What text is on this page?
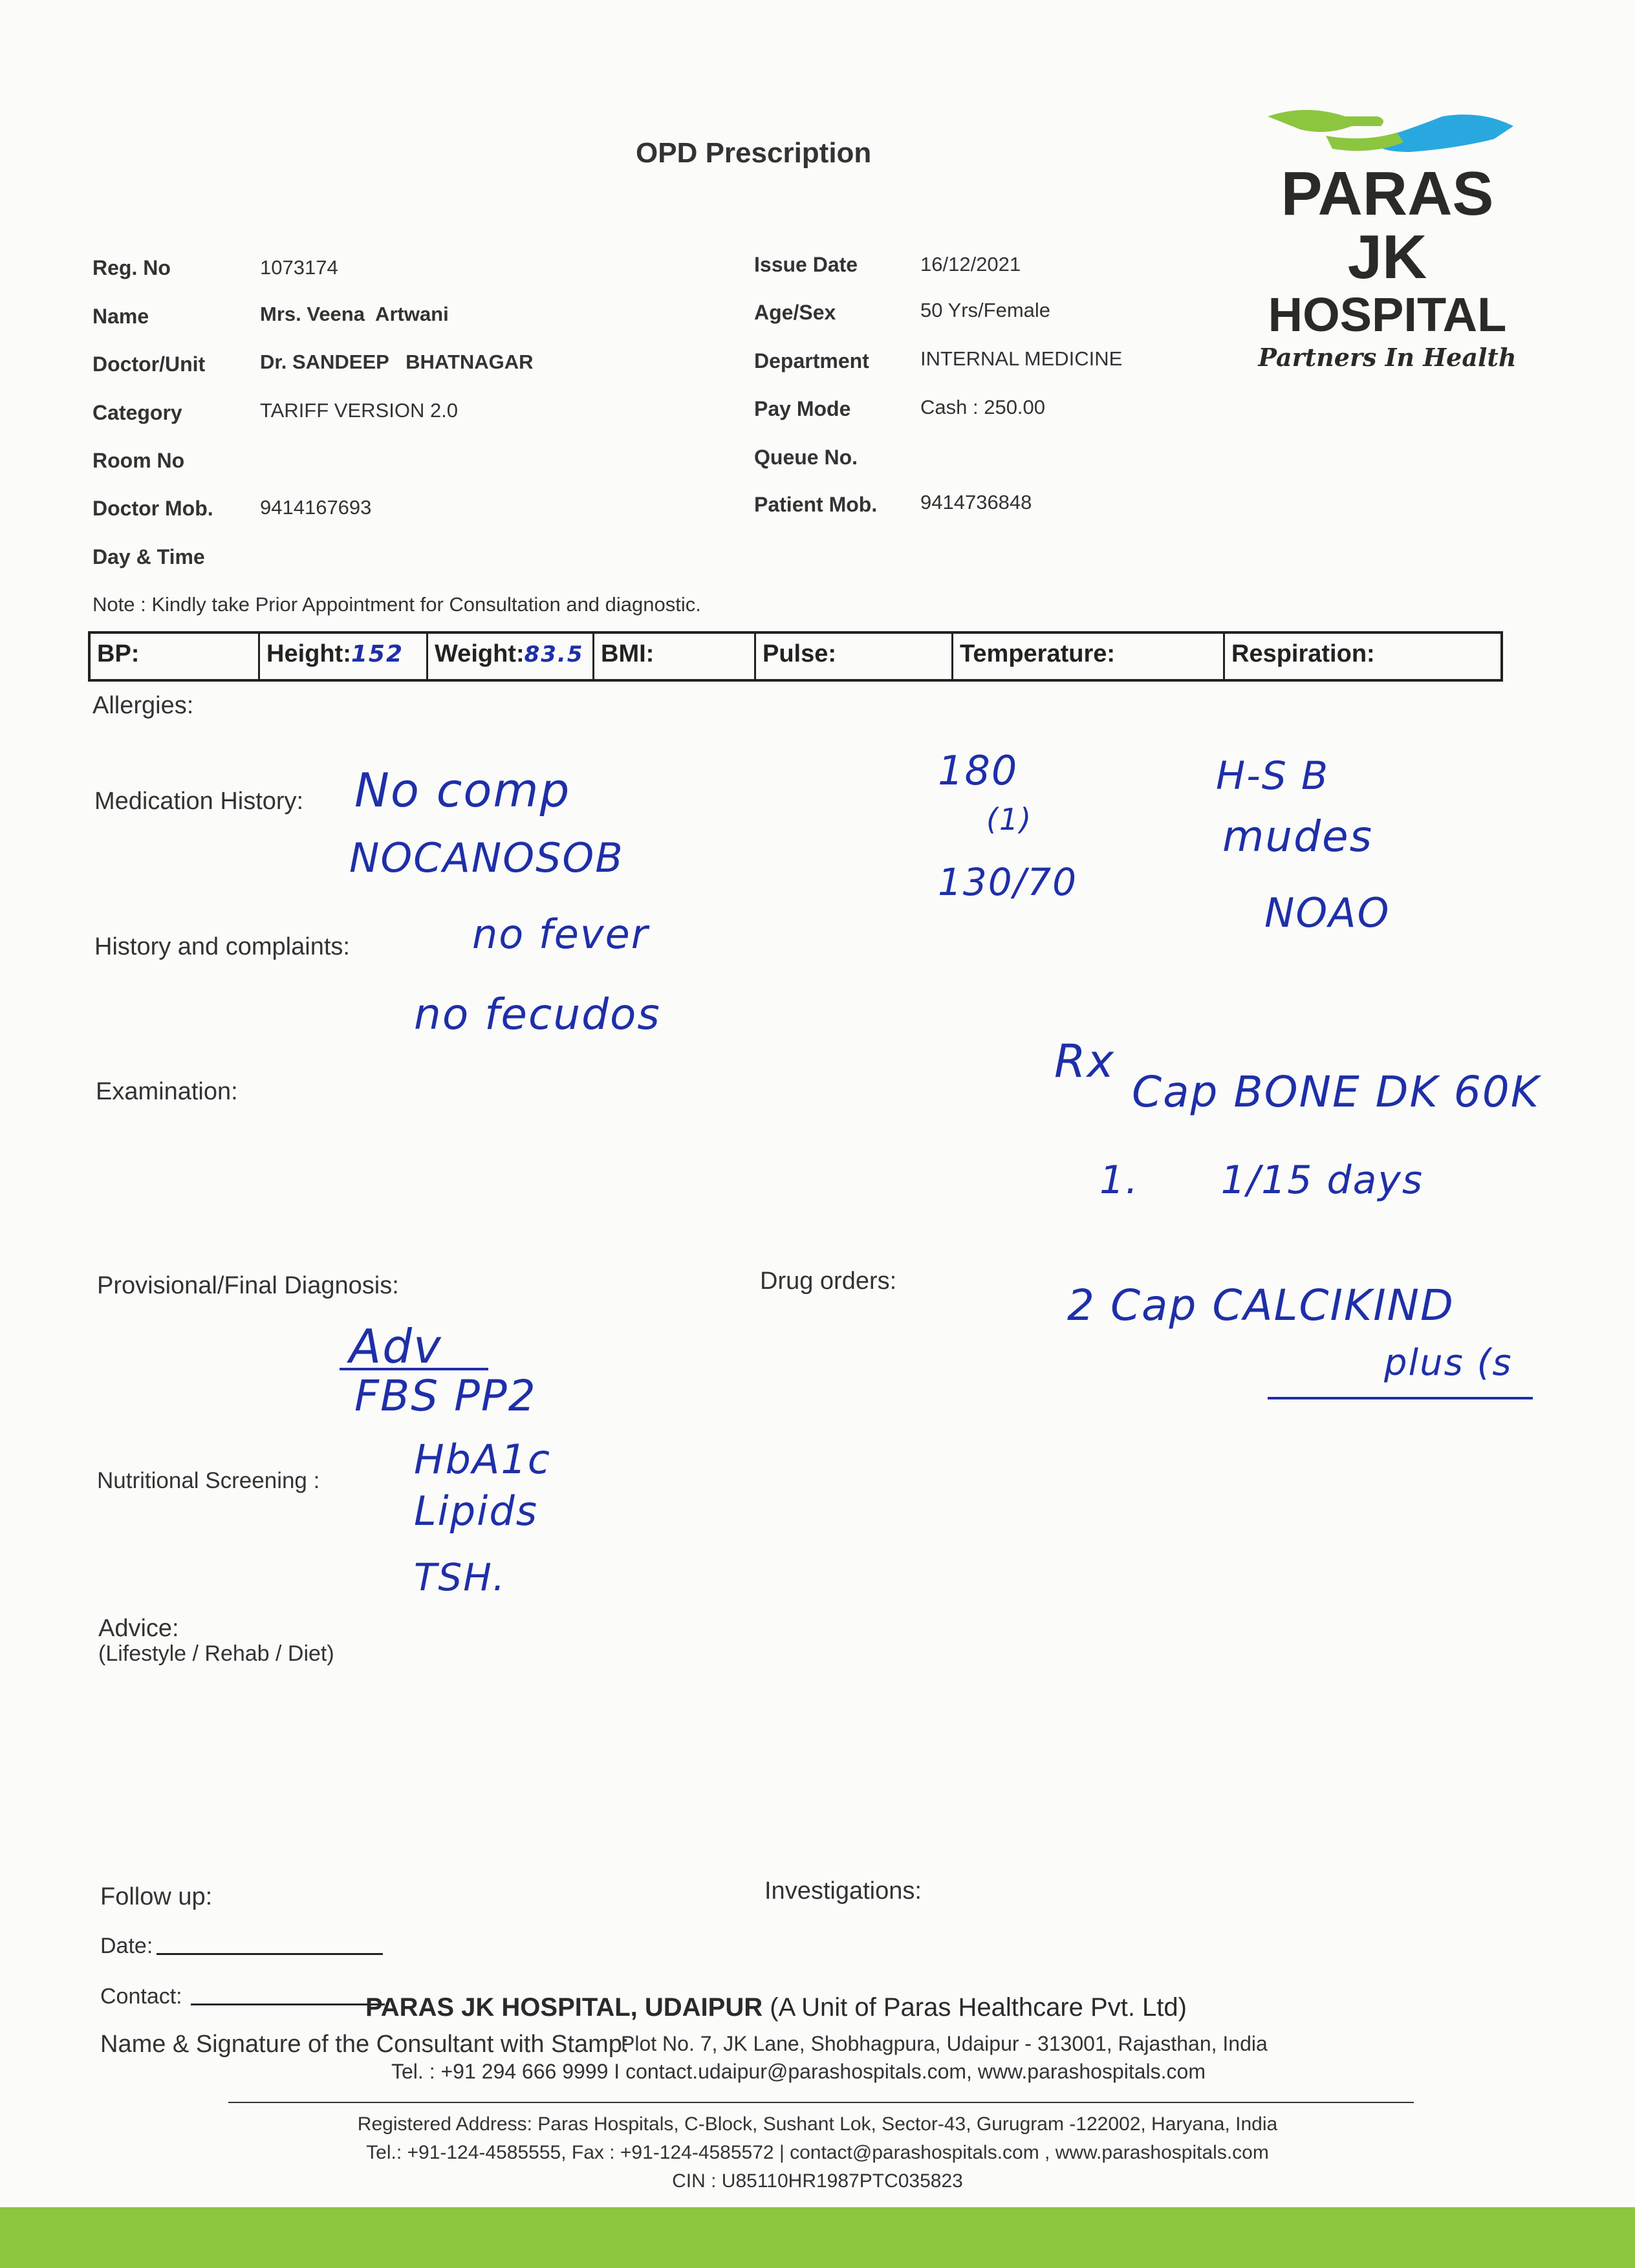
OPD Prescription
PARAS
JK
HOSPITAL
Partners In Health
Reg. No	1073174
Name	Mrs. Veena  Artwani
Doctor/Unit	Dr. SANDEEP   BHATNAGAR
Category	TARIFF VERSION 2.0
Room No
Doctor Mob. 9414167693
Day & Time
Issue Date	16/12/2021
Age/Sex	50 Yrs/Female
Department	INTERNAL MEDICINE
Pay Mode	Cash : 250.00
Queue No.
Patient Mob. 9414736848
Note : Kindly take Prior Appointment for Consultation and diagnostic.
BP:	Height:152	Weight:83.5 BMI:	Pulse:	Temperature:	Respiration:
Allergies:
Medication History:
History and complaints:
Examination:
Provisional/Final Diagnosis:	Drug orders:
Nutritional Screening :
Advice:
(Lifestyle / Rehab / Diet)
No comp
NOCANOSOB
no fever
no fecudos
180
(1)
130/70
H-S B
mudes
NOAO
Rx
Cap BONE DK 60K
1.      1/15 days
2 Cap CALCIKIND
plus (s
Adv
FBS PP2
HbA1c
Lipids
TSH.
Follow up:	Investigations:
Date:
Contact:
Name & Signature of the Consultant with Stamp:
PARAS JK HOSPITAL, UDAIPUR (A Unit of Paras Healthcare Pvt. Ltd)
Plot No. 7, JK Lane, Shobhagpura, Udaipur - 313001, Rajasthan, India
Tel. : +91 294 666 9999 I contact.udaipur@parashospitals.com, www.parashospitals.com
Registered Address: Paras Hospitals, C-Block, Sushant Lok, Sector-43, Gurugram -122002, Haryana, India
Tel.: +91-124-4585555, Fax : +91-124-4585572 | contact@parashospitals.com , www.parashospitals.com
CIN : U85110HR1987PTC035823
